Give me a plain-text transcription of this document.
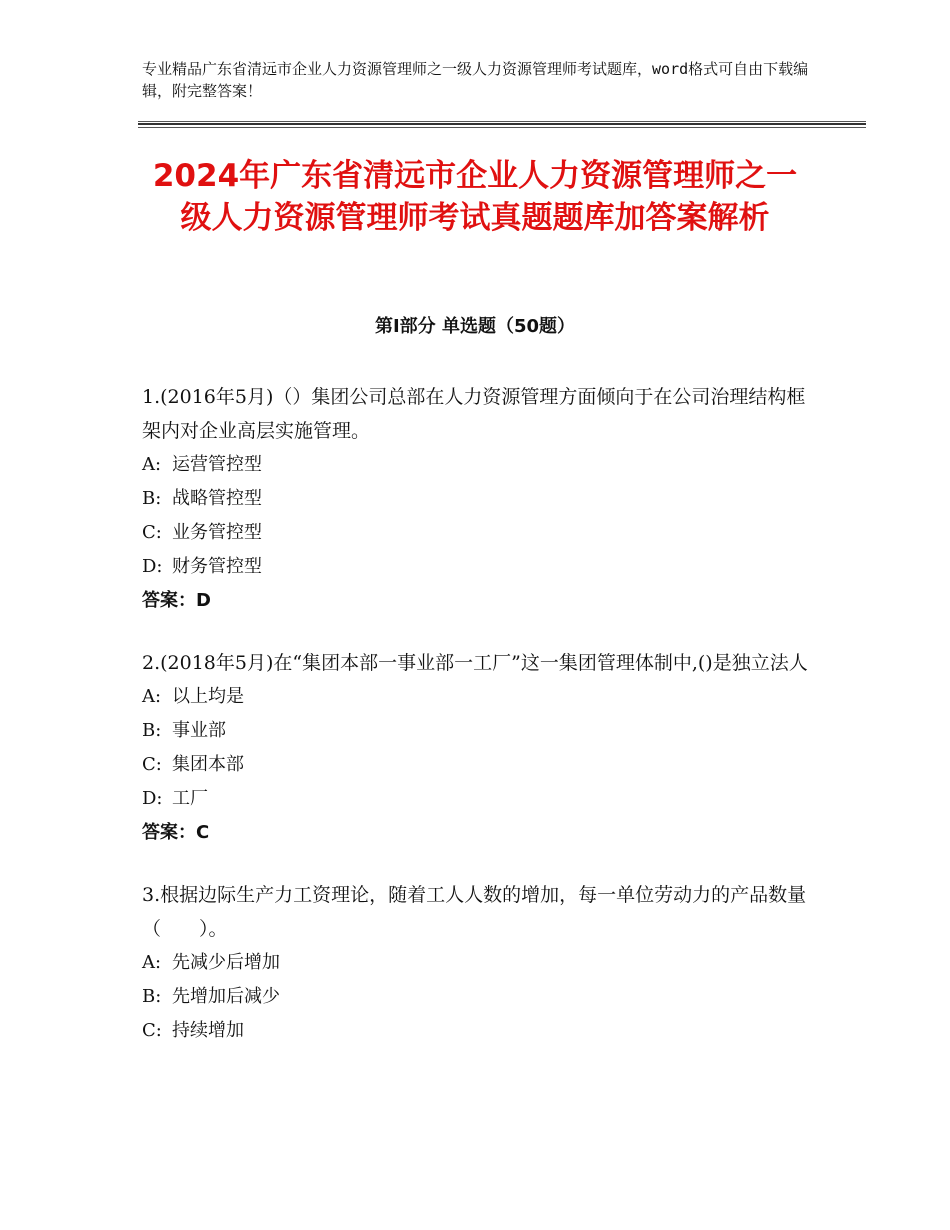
专业精品广东省清远市企业人力资源管理师之一级人力资源管理师考试题库，word格式可自由下载编辑，附完整答案！
2024年广东省清远市企业人力资源管理师之一级人力资源管理师考试真题题库加答案解析
第Ⅰ部分 单选题（50题）

1.(2016年5月)（）集团公司总部在人力资源管理方面倾向于在公司治理结构框架内对企业高层实施管理。

A: 运营管控型

B: 战略管控型

C: 业务管控型

D: 财务管控型

答案：D

2.(2018年5月)在“集团本部一事业部一工厂”这一集团管理体制中,()是独立法人

A: 以上均是

B: 事业部

C: 集团本部

D: 工厂

答案：C

3.根据边际生产力工资理论，随着工人人数的增加，每一单位劳动力的产品数量（　　）。

A: 先减少后增加

B: 先增加后减少

C: 持续增加
